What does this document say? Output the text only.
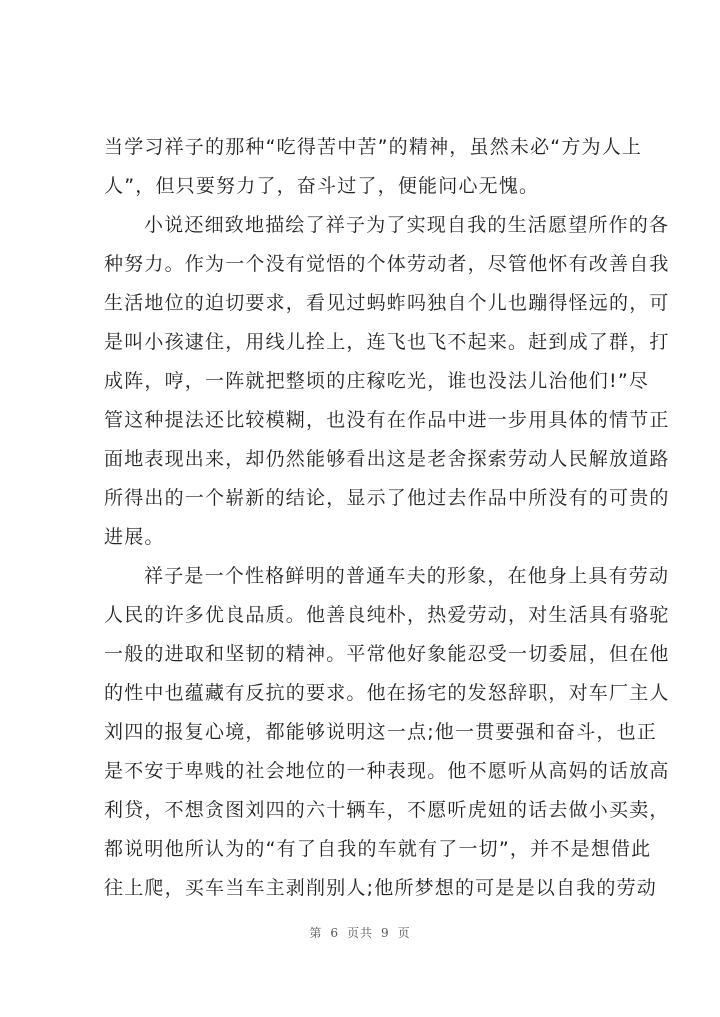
当学习祥子的那种“吃得苦中苦”的精神，虽然未必“方为人上
人”，但只要努力了，奋斗过了，便能问心无愧。

小说还细致地描绘了祥子为了实现自我的生活愿望所作的各
种努力。作为一个没有觉悟的个体劳动者，尽管他怀有改善自我
生活地位的迫切要求，看见过蚂蚱吗独自个儿也蹦得怪远的，可
是叫小孩逮住，用线儿拴上，连飞也飞不起来。赶到成了群，打
成阵，哼，一阵就把整顷的庄稼吃光，谁也没法儿治他们!”尽
管这种提法还比较模糊，也没有在作品中进一步用具体的情节正
面地表现出来，却仍然能够看出这是老舍探索劳动人民解放道路
所得出的一个崭新的结论，显示了他过去作品中所没有的可贵的
进展。

祥子是一个性格鲜明的普通车夫的形象，在他身上具有劳动
人民的许多优良品质。他善良纯朴，热爱劳动，对生活具有骆驼
一般的进取和坚韧的精神。平常他好象能忍受一切委屈，但在他
的性中也蕴藏有反抗的要求。他在扬宅的发怒辞职，对车厂主人
刘四的报复心境，都能够说明这一点;他一贯要强和奋斗，也正
是不安于卑贱的社会地位的一种表现。他不愿听从高妈的话放高
利贷，不想贪图刘四的六十辆车，不愿听虎妞的话去做小买卖，
都说明他所认为的“有了自我的车就有了一切”，并不是想借此
往上爬，买车当车主剥削别人;他所梦想的可是是以自我的劳动

第 6 页共 9 页
